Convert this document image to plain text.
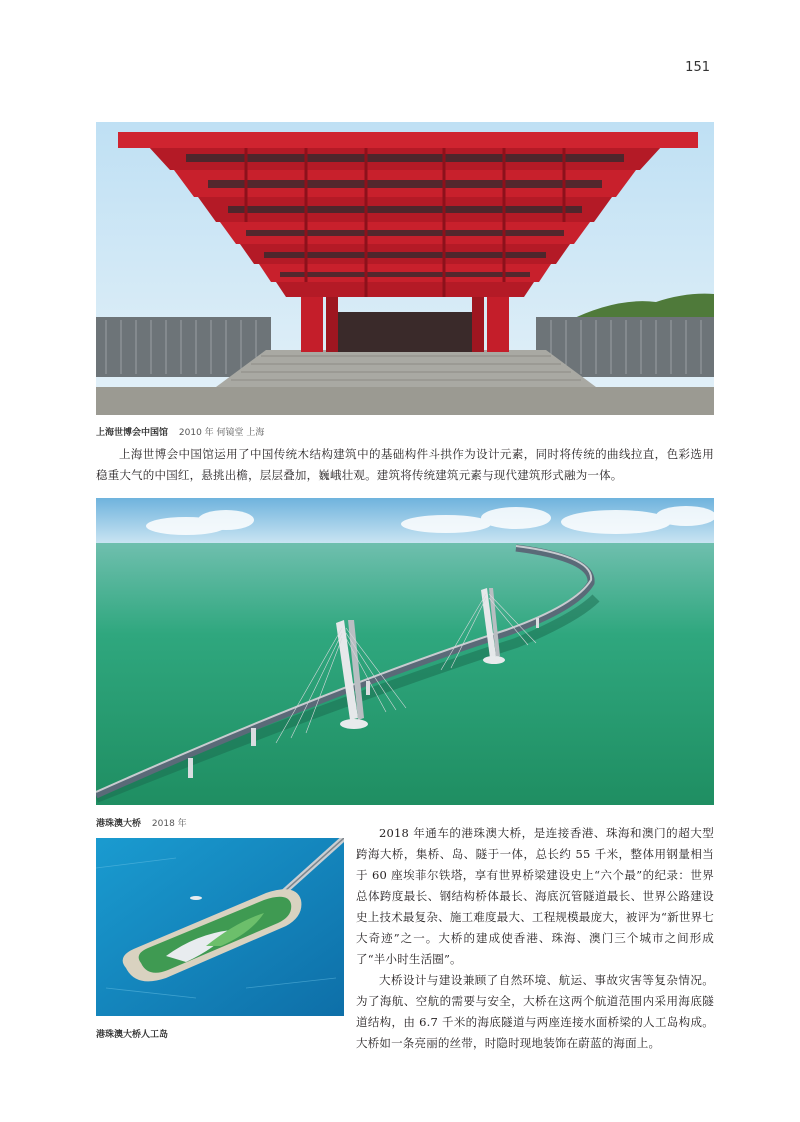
151
上海世博会中国馆 2010 年 何镜堂 上海

上海世博会中国馆运用了中国传统木结构建筑中的基础构件斗拱作为设计元素，同时将传统的曲线拉直，色彩选用稳重大气的中国红，悬挑出檐，层层叠加，巍峨壮观。建筑将传统建筑元素与现代建筑形式融为一体。

港珠澳大桥 2018 年
港珠澳大桥人工岛

2018 年通车的港珠澳大桥，是连接香港、珠海和澳门的超大型跨海大桥，集桥、岛、隧于一体，总长约 55 千米，整体用钢量相当于 60 座埃菲尔铁塔，享有世界桥梁建设史上“六个最”的纪录：世界总体跨度最长、钢结构桥体最长、海底沉管隧道最长、世界公路建设史上技术最复杂、施工难度最大、工程规模最庞大，被评为“新世界七大奇迹”之一。大桥的建成使香港、珠海、澳门三个城市之间形成了“半小时生活圈”。

大桥设计与建设兼顾了自然环境、航运、事故灾害等复杂情况。为了海航、空航的需要与安全，大桥在这两个航道范围内采用海底隧道结构，由 6.7 千米的海底隧道与两座连接水面桥梁的人工岛构成。大桥如一条亮丽的丝带，时隐时现地装饰在蔚蓝的海面上。
